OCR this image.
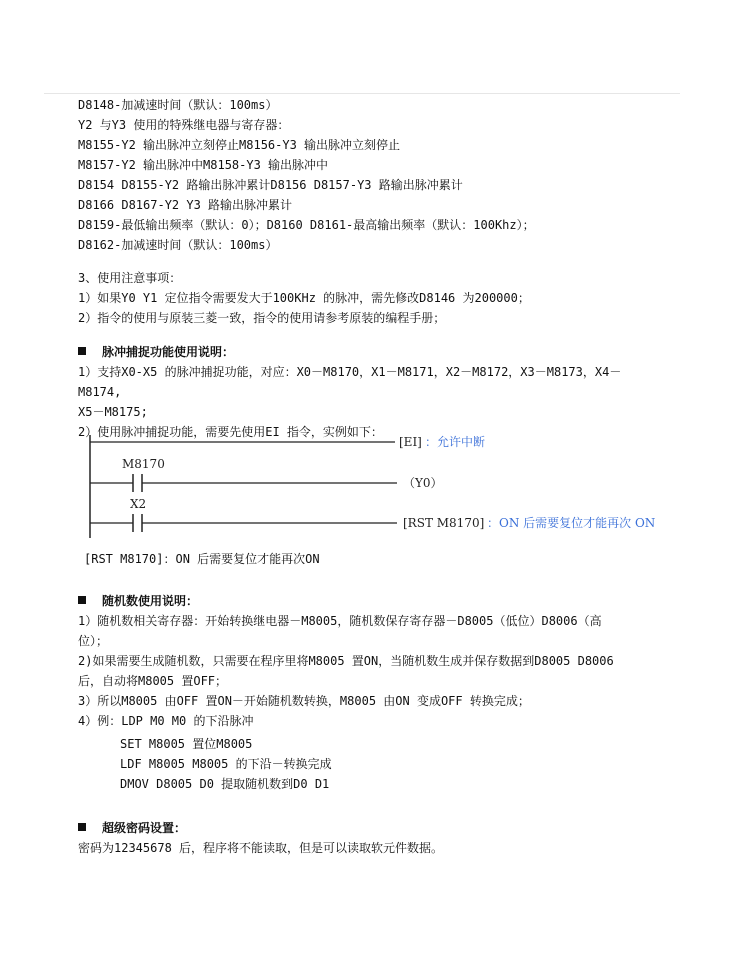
D8148-加减速时间（默认：100ms）
Y2 与Y3 使用的特殊继电器与寄存器：
M8155-Y2 输出脉冲立刻停止M8156-Y3 输出脉冲立刻停止
M8157-Y2 输出脉冲中M8158-Y3 输出脉冲中
D8154 D8155-Y2 路输出脉冲累计D8156 D8157-Y3 路输出脉冲累计
D8166 D8167-Y2 Y3 路输出脉冲累计
D8159-最低输出频率（默认：0）；D8160 D8161-最高输出频率（默认：100Khz）；
D8162-加减速时间（默认：100ms）
3、使用注意事项：
1）如果Y0 Y1 定位指令需要发大于100KHz 的脉冲，需先修改D8146 为200000；
2）指令的使用与原装三菱一致，指令的使用请参考原装的编程手册；
脉冲捕捉功能使用说明：
1）支持X0-X5 的脉冲捕捉功能，对应：X0－M8170，X1－M8171，X2－M8172，X3－M8173，X4－
M8174,
X5－M8175;
2）使用脉冲捕捉功能，需要先使用EI 指令，实例如下：
[EI] ：允许中断
M8170
（Y0）
X2
[RST M8170] ：ON 后需要复位才能再次 ON
[RST M8170]：ON 后需要复位才能再次ON
随机数使用说明：
1）随机数相关寄存器：开始转换继电器－M8005，随机数保存寄存器－D8005（低位）D8006（高
位）；
2)如果需要生成随机数，只需要在程序里将M8005 置ON，当随机数生成并保存数据到D8005 D8006
后，自动将M8005 置OFF；
3）所以M8005 由OFF 置ON－开始随机数转换，M8005 由ON 变成OFF 转换完成；
4）例：LDP M0 M0 的下沿脉冲
SET M8005 置位M8005
LDF M8005 M8005 的下沿－转换完成
DMOV D8005 D0 提取随机数到D0 D1
超级密码设置：
密码为12345678 后，程序将不能读取，但是可以读取软元件数据。
